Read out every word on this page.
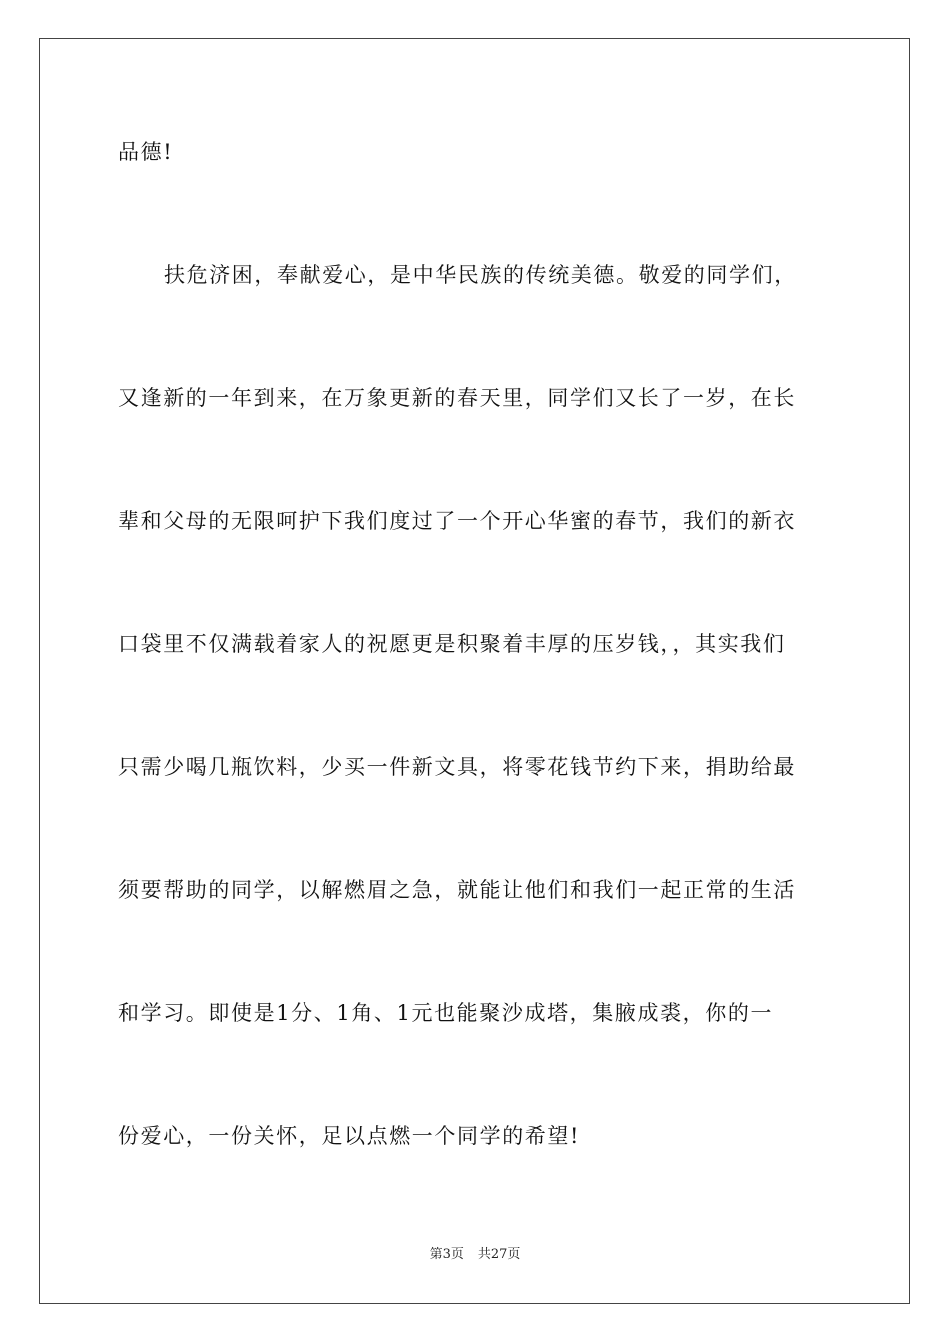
品德!
扶危济困，奉献爱心，是中华民族的传统美德。敬爱的同学们，
又逢新的一年到来，在万象更新的春天里，同学们又长了一岁，在长
辈和父母的无限呵护下我们度过了一个开心华蜜的春节，我们的新衣
口袋里不仅满载着家人的祝愿更是积聚着丰厚的压岁钱，，其实我们
只需少喝几瓶饮料，少买一件新文具，将零花钱节约下来，捐助给最
须要帮助的同学，以解燃眉之急，就能让他们和我们一起正常的生活
和学习。即使是1分、1角、1元也能聚沙成塔，集腋成裘，你的一
份爱心，一份关怀，足以点燃一个同学的希望!
第3页 共27页
